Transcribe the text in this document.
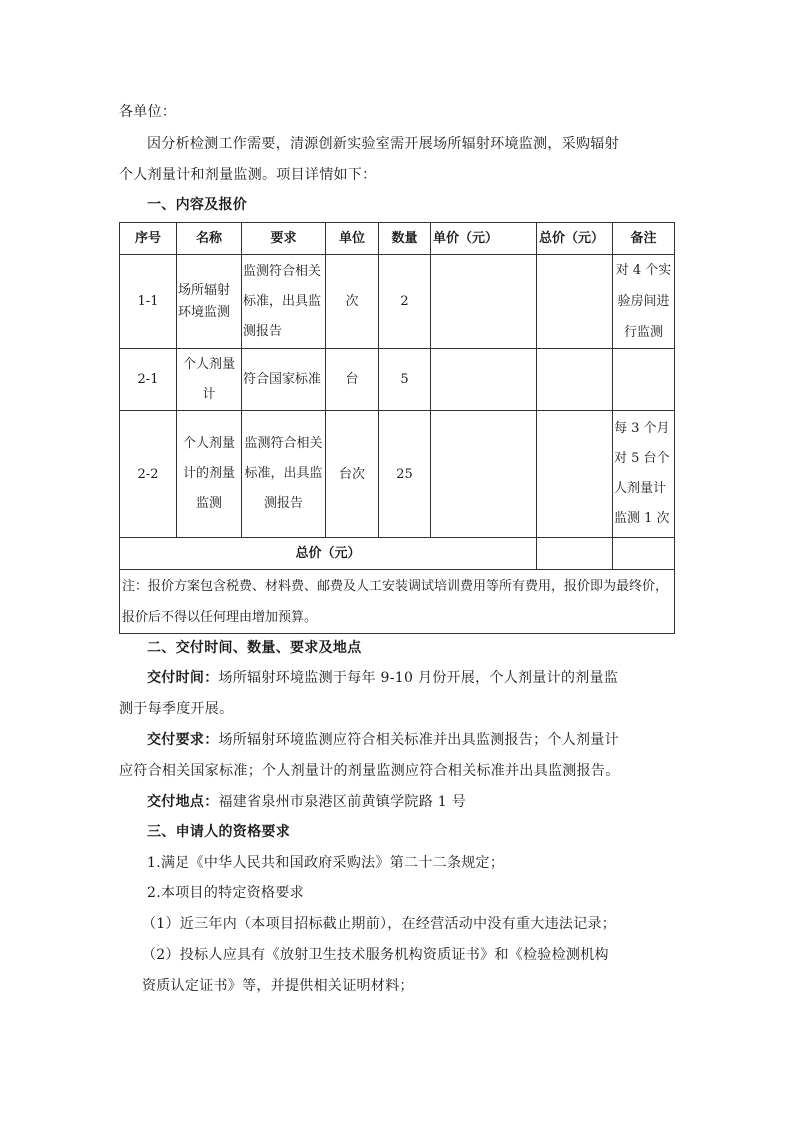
各单位：
因分析检测工作需要，清源创新实验室需开展场所辐射环境监测，采购辐射
个人剂量计和剂量监测。项目详情如下：
一、内容及报价
序号	名称	要求	单位	数量	单价（元）	总价（元）	备注
1-1	场所辐射环境监测	监测符合相关标准，出具监测报告	次	2			对 4 个实验房间进行监测

2-1	个人剂量计	符合国家标准	台	5			
2-2	个人剂量计的剂量监测	监测符合相关标准，出具监测报告	台次	25			每 3 个月对 5 台个人剂量计监测 1 次

总价（元）							
注：报价方案包含税费、材料费、邮费及人工安装调试培训费用等所有费用，报价即为最终价，报价后不得以任何理由增加预算。							
二、交付时间、数量、要求及地点
交付时间：场所辐射环境监测于每年 9-10 月份开展，个人剂量计的剂量监
测于每季度开展。
交付要求：场所辐射环境监测应符合相关标准并出具监测报告；个人剂量计
应符合相关国家标准；个人剂量计的剂量监测应符合相关标准并出具监测报告。
交付地点：福建省泉州市泉港区前黄镇学院路 1 号
三、申请人的资格要求
1.满足《中华人民共和国政府采购法》第二十二条规定；
2.本项目的特定资格要求
（1）近三年内（本项目招标截止期前），在经营活动中没有重大违法记录；
（2）投标人应具有《放射卫生技术服务机构资质证书》和《检验检测机构
资质认定证书》等，并提供相关证明材料；
